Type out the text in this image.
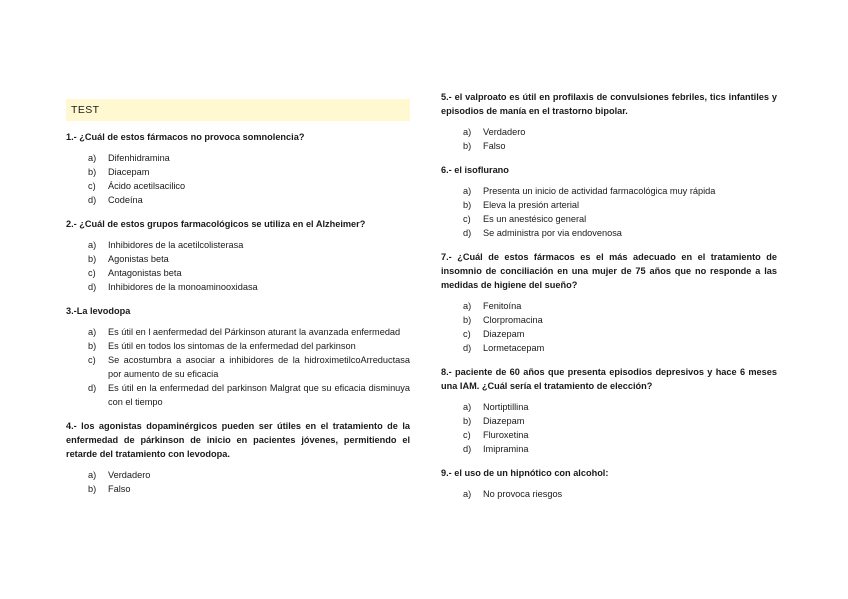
TEST

1.- ¿Cuál de estos fármacos no provoca somnolencia?

a)	Difenhidramina
b)	Diacepam
c)	Ácido acetilsacilico
d)	Codeína

2.- ¿Cuál de estos grupos farmacológicos se utiliza en el Alzheimer?

a)	Inhibidores de la acetilcolisterasa
b)	Agonistas beta
c)	Antagonistas beta
d)	Inhibidores de la monoaminooxidasa

3.-La levodopa

a)	Es útil en l aenfermedad del Párkinson aturant la avanzada enfermedad
b)	Es útil en todos los sintomas de la enfermedad del parkinson
c)	Se acostumbra a asociar a inhibidores de la hidroximetilcoArreductasa por aumento de su eficacia
d)	Es útil en la enfermedad del parkinson Malgrat que su eficacia disminuya con el tiempo

4.- los agonistas dopaminérgicos pueden ser útiles en el tratamiento de la enfermedad de párkinson de inicio en pacientes jóvenes, permitiendo el retarde del tratamiento con levodopa.

a)	Verdadero
b)	Falso

5.- el valproato es útil en profilaxis de convulsiones febriles, tics infantiles y episodios de manía en el trastorno bipolar.

a)	Verdadero
b)	Falso

6.- el isoflurano

a)	Presenta un inicio de actividad farmacológica muy rápida
b)	Eleva la presión arterial
c)	Es un anestésico general
d)	Se administra por via endovenosa

7.- ¿Cuál de estos fármacos es el más adecuado en el tratamiento de insomnio de conciliación en una mujer de 75 años que no responde a las medidas de higiene del sueño?

a)	Fenitoína
b)	Clorpromacina
c)	Diazepam
d)	Lormetacepam

8.- paciente de 60 años que presenta episodios depresivos y hace 6 meses una IAM. ¿Cuál sería el tratamiento de elección?

a)	Nortiptillina
b)	Diazepam
c)	Fluroxetina
d)	Imipramina

9.- el uso de un hipnótico con alcohol:

a)	No provoca riesgos
